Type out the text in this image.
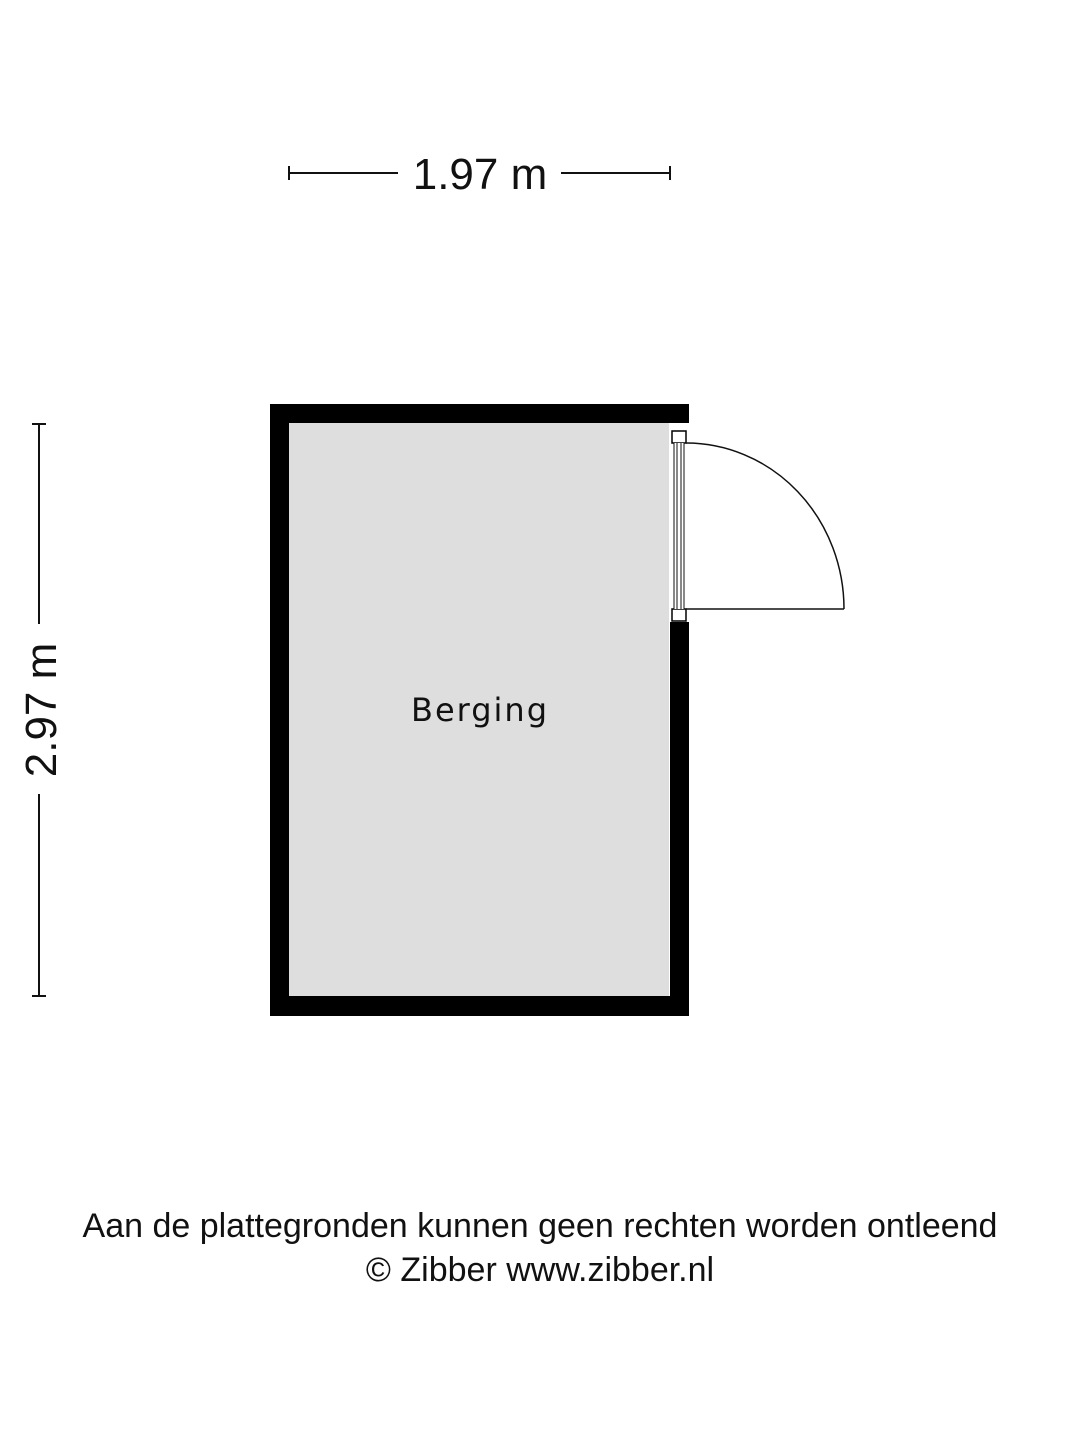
1.97 m
2.97 m	Berging
Aan de plattegronden kunnen geen rechten worden ontleend
© Zibber www.zibber.nl
